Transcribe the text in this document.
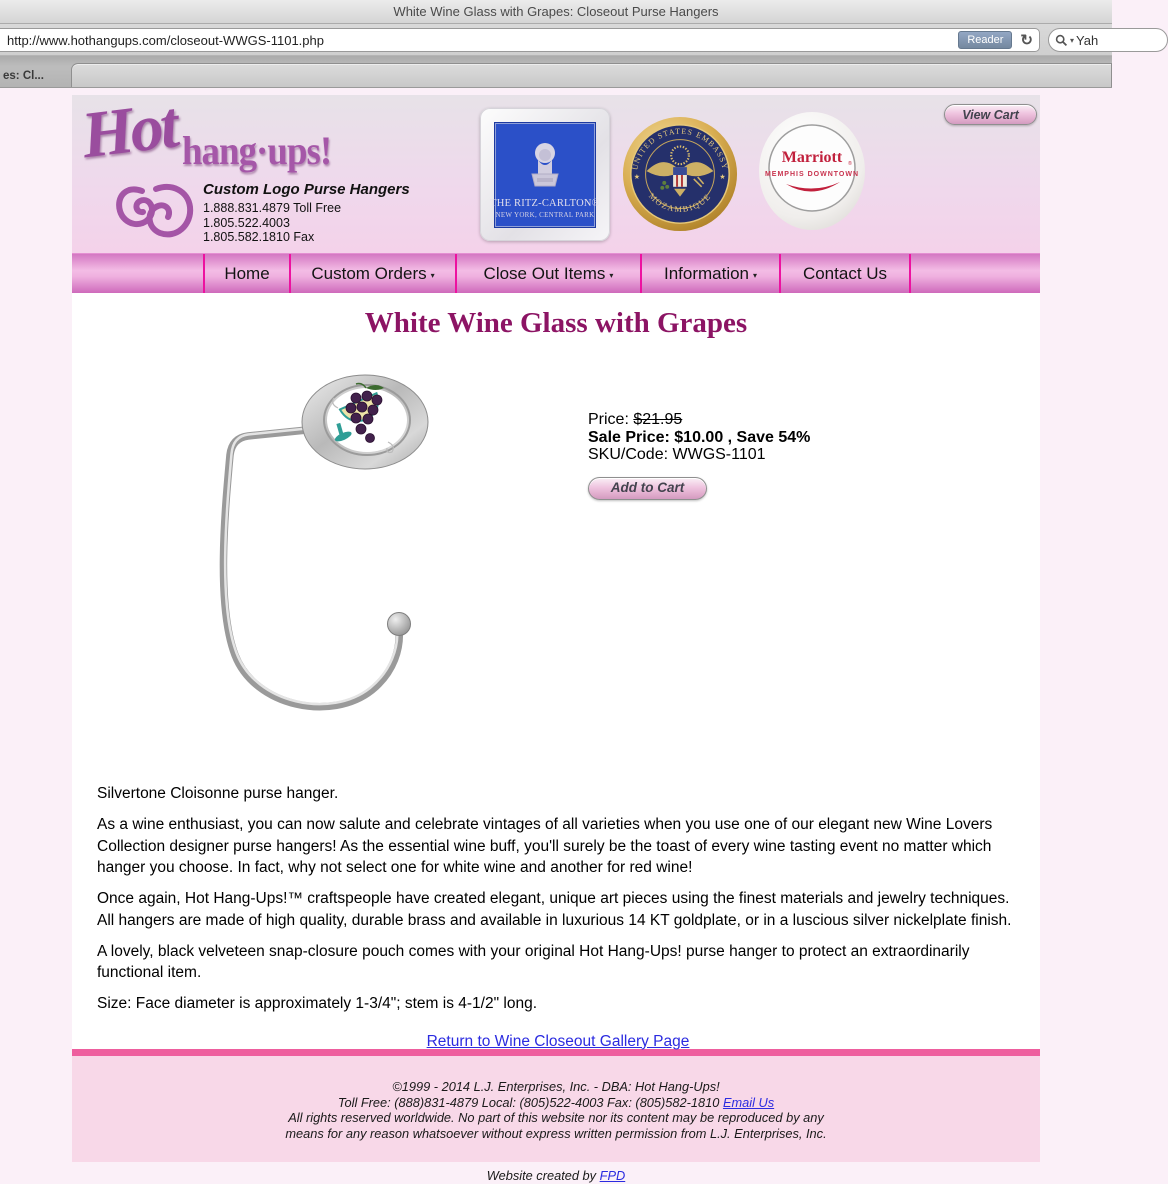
White Wine Glass with Grapes: Closeout Purse Hangers
http://www.hothangups.com/closeout-WWGS-1101.php	Reader	↻	▾ Yah
es: Cl...
Hot hang·ups!
Custom Logo Purse Hangers
1.888.831.4879 Toll Free
1.805.522.4003
1.805.582.1810 Fax
THE RITZ-CARLTON®
NEW YORK, CENTRAL PARK
UNITED STATES EMBASSY
MOZAMBIQUE
★	★
Marriott ®
MEMPHIS DOWNTOWN
View Cart
Home Custom Orders ▾	Close Out Items ▾	Information ▾	Contact Us
White Wine Glass with Grapes
Price: $21.95
Sale Price: $10.00 , Save 54%
SKU/Code: WWGS-1101
Add to Cart

Silvertone Cloisonne purse hanger.

As a wine enthusiast, you can now salute and celebrate vintages of all varieties when you use one of our elegant new Wine Lovers Collection designer purse hangers! As the essential wine buff, you'll surely be the toast of every wine tasting event no matter which hanger you choose. In fact, why not select one for white wine and another for red wine!

Once again, Hot Hang-Ups!™ craftspeople have created elegant, unique art pieces using the finest materials and jewelry techniques. All hangers are made of high quality, durable brass and available in luxurious 14 KT goldplate, or in a luscious silver nickelplate finish.

A lovely, black velveteen snap-closure pouch comes with your original Hot Hang-Ups! purse hanger to protect an extraordinarily functional item.

Size: Face diameter is approximately 1-3/4"; stem is 4-1/2" long.

Return to Wine Closeout Gallery Page
©1999 - 2014 L.J. Enterprises, Inc. - DBA: Hot Hang-Ups!
Toll Free: (888)831-4879 Local: (805)522-4003 Fax: (805)582-1810 Email Us
All rights reserved worldwide. No part of this website nor its content may be reproduced by any
means for any reason whatsoever without express written permission from L.J. Enterprises, Inc.
Website created by FPD
